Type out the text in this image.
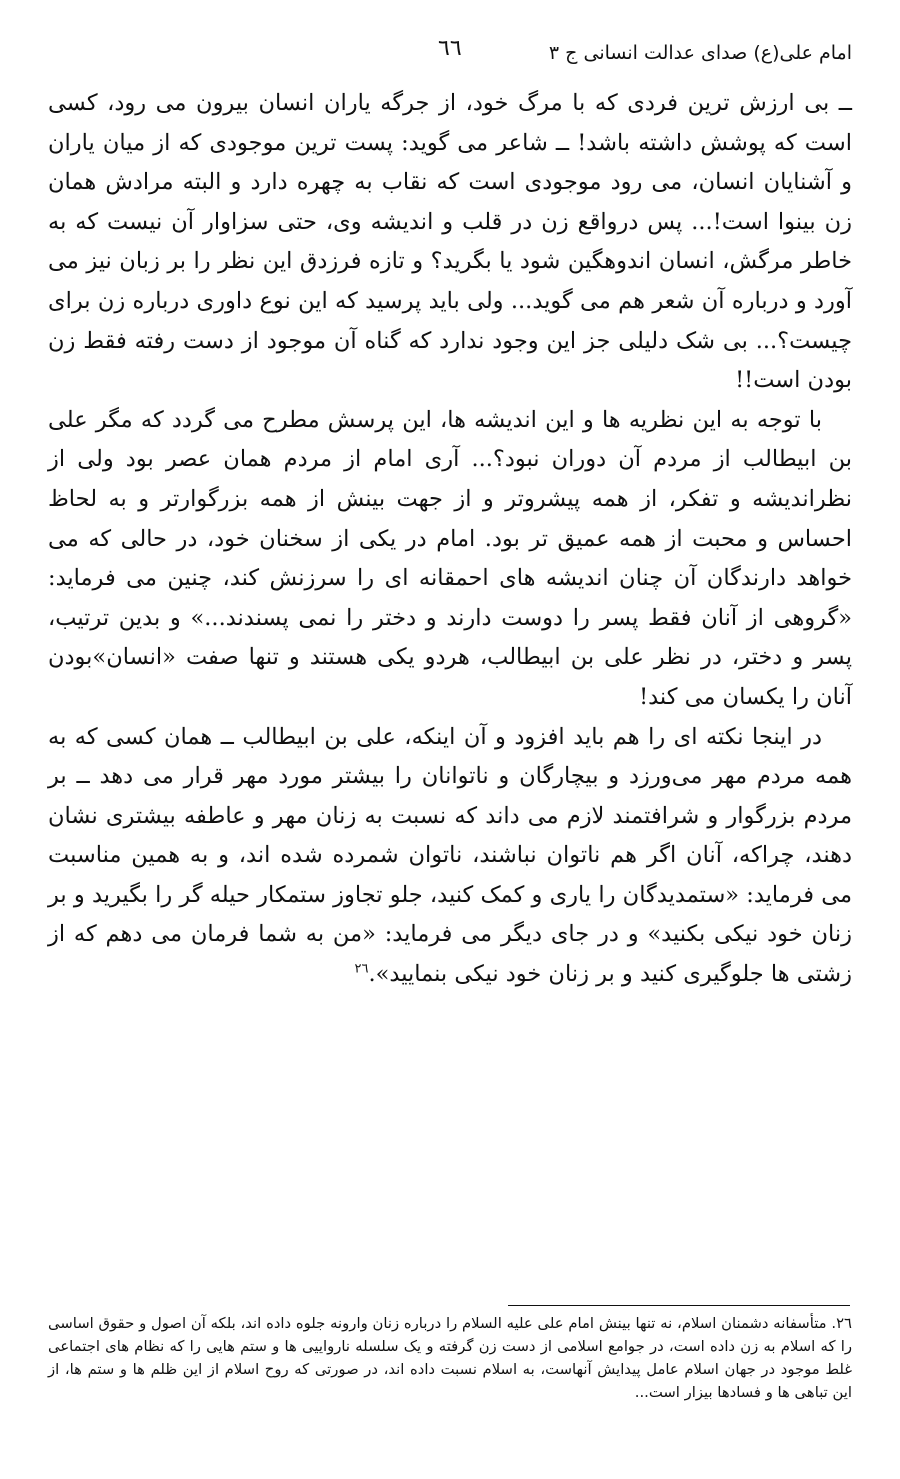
امام علی(ع) صدای عدالت انسانی ج ۳
٦٦

ــ بی ارزش ترین فردی که با مرگ خود، از جرگه یاران انسان بیرون می رود، کسی است که پوشش داشته باشد! ــ شاعر می گوید: پست ترین موجودی که از میان یاران و آشنایان انسان، می رود موجودی است که نقاب به چهره دارد و البته مرادش همان زن بینوا است!... پس درواقع زن در قلب و اندیشه وی، حتی سزاوار آن نیست که به خاطر مرگش، انسان اندوهگین شود یا بگرید؟ و تازه فرزدق این نظر را بر زبان نیز می آورد و درباره آن شعر هم می گوید... ولی باید پرسید که این نوع داوری درباره زن برای چیست؟... بی شک دلیلی جز این وجود ندارد که گناه آن موجود از دست رفته فقط زن بودن است!!

با توجه به این نظریه ها و این اندیشه ها، این پرسش مطرح می گردد که مگر علی بن ابیطالب از مردم آن دوران نبود؟... آری امام از مردم همان عصر بود ولی از نظراندیشه و تفکر، از همه پیشروتر و از جهت بینش از همه بزرگوارتر و به لحاظ احساس و محبت از همه عمیق تر بود. امام در یکی از سخنان خود، در حالی که می خواهد دارندگان آن چنان اندیشه های احمقانه ای را سرزنش کند، چنین می فرماید: «گروهی از آنان فقط پسر را دوست دارند و دختر را نمی پسندند...» و بدین ترتیب، پسر و دختر، در نظر علی بن ابیطالب، هردو یکی هستند و تنها صفت «انسان»بودن آنان را یکسان می کند!

در اینجا نکته ای را هم باید افزود و آن اینکه، علی بن ابیطالب ــ همان کسی که به همه مردم مهر می‌ورزد و بیچارگان و ناتوانان را بیشتر مورد مهر قرار می دهد ــ بر مردم بزرگوار و شرافتمند لازم می داند که نسبت به زنان مهر و عاطفه بیشتری نشان دهند، چراکه، آنان اگر هم ناتوان نباشند، ناتوان شمرده شده اند، و به همین مناسبت می فرماید: «ستمدیدگان را یاری و کمک کنید، جلو تجاوز ستمکار حیله گر را بگیرید و بر زنان خود نیکی بکنید» و در جای دیگر می فرماید: «من به شما فرمان می دهم که از زشتی ها جلوگیری کنید و بر زنان خود نیکی بنمایید».$^{٢٦}$

٢٦. متأسفانه دشمنان اسلام، نه تنها بینش امام علی علیه السلام را درباره زنان وارونه جلوه داده اند، بلکه آن اصول و حقوق اساسی را که اسلام به زن داده است، در جوامع اسلامی از دست زن گرفته و یک سلسله نارواییی ها و ستم هایی را که نظام های اجتماعی غلط موجود در جهان اسلام عامل پیدایش آنهاست، به اسلام نسبت داده اند، در صورتی که روح اسلام از این ظلم ها و ستم ها، از این تباهی ها و فسادها بیزار است...
